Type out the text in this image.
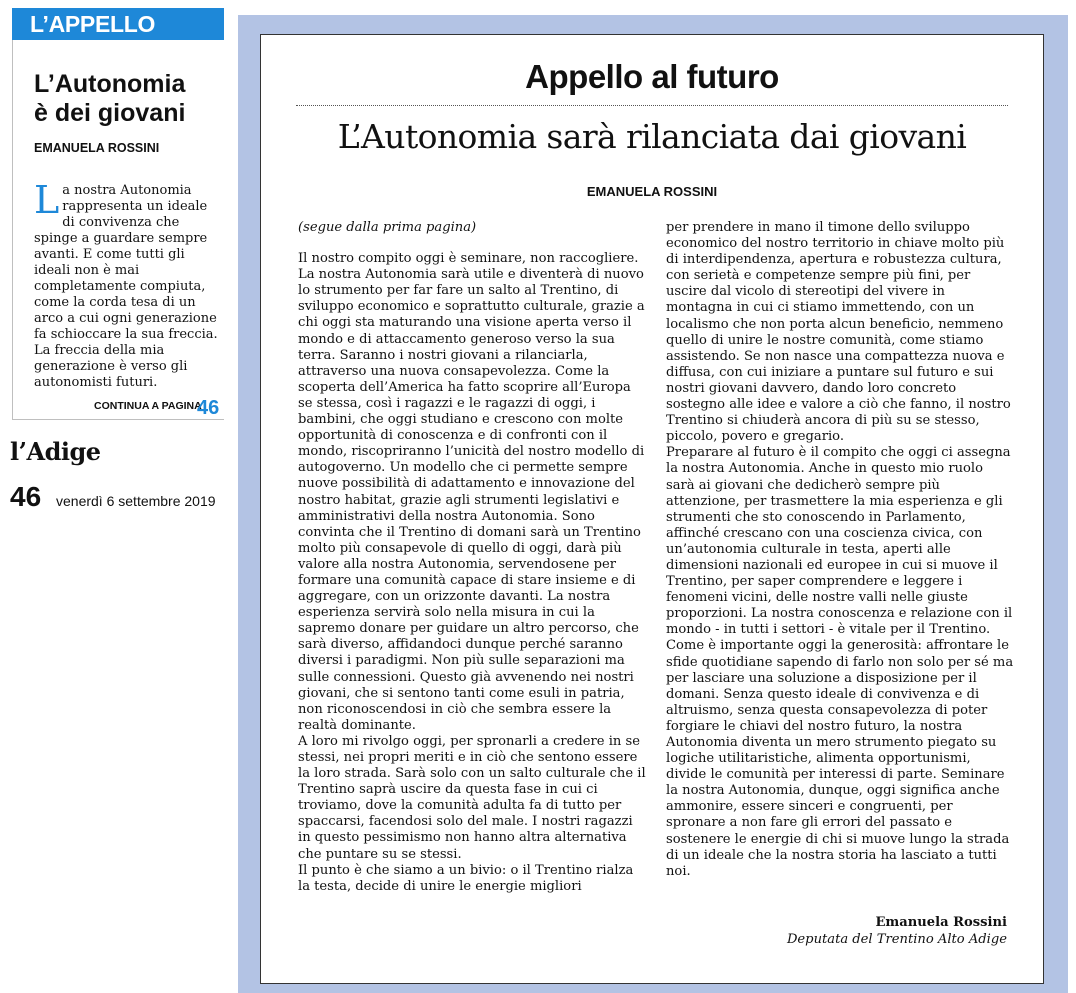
L’APPELLO
L’Autonomia
è dei giovani
EMANUELA ROSSINI
La nostra Autonomia rappresenta un ideale di convivenza che spinge a guardare sempre avanti. E come tutti gli ideali non è mai completamente compiuta, come la corda tesa di un arco a cui ogni generazione fa schioccare la sua freccia. La freccia della mia generazione è verso gli autonomisti futuri.
CONTINUA A PAGINA
46
l’Adige
46 venerdì 6 settembre 2019
Appello al futuro
L’Autonomia sarà rilanciata dai giovani
EMANUELA ROSSINI

(segue dalla prima pagina)

Il nostro compito oggi è seminare, non raccogliere. La nostra Autonomia sarà utile e diventerà di nuovo lo strumento per far fare un salto al Trentino, di sviluppo economico e soprattutto culturale, grazie a chi oggi sta maturando una visione aperta verso il mondo e di attaccamento generoso verso la sua terra. Saranno i nostri giovani a rilanciarla, attraverso una nuova consapevolezza. Come la scoperta dell’America ha fatto scoprire all’Europa se stessa, così i ragazzi e le ragazzi di oggi, i bambini, che oggi studiano e crescono con molte opportunità di conoscenza e di confronti con il mondo, riscopriranno l’unicità del nostro modello di autogoverno. Un modello che ci permette sempre nuove possibilità di adattamento e innovazione del nostro habitat, grazie agli strumenti legislativi e amministrativi della nostra Autonomia. Sono convinta che il Trentino di domani sarà un Trentino molto più consapevole di quello di oggi, darà più valore alla nostra Autonomia, servendosene per formare una comunità capace di stare insieme e di aggregare, con un orizzonte davanti. La nostra esperienza servirà solo nella misura in cui la sapremo donare per guidare un altro percorso, che sarà diverso, affidandoci dunque perché saranno diversi i paradigmi. Non più sulle separazioni ma sulle connessioni. Questo già avvenendo nei nostri giovani, che si sentono tanti come esuli in patria, non riconoscendosi in ciò che sembra essere la realtà dominante.

A loro mi rivolgo oggi, per spronarli a credere in se stessi, nei propri meriti e in ciò che sentono essere la loro strada. Sarà solo con un salto culturale che il Trentino saprà uscire da questa fase in cui ci troviamo, dove la comunità adulta fa di tutto per spaccarsi, facendosi solo del male. I nostri ragazzi in questo pessimismo non hanno altra alternativa che puntare su se stessi.

Il punto è che siamo a un bivio: o il Trentino rialza la testa, decide di unire le energie migliori

per prendere in mano il timone dello sviluppo economico del nostro territorio in chiave molto più di interdipendenza, apertura e robustezza cultura, con serietà e competenze sempre più fini, per uscire dal vicolo di stereotipi del vivere in montagna in cui ci stiamo immettendo, con un localismo che non porta alcun beneficio, nemmeno quello di unire le nostre comunità, come stiamo assistendo. Se non nasce una compattezza nuova e diffusa, con cui iniziare a puntare sul futuro e sui nostri giovani davvero, dando loro concreto sostegno alle idee e valore a ciò che fanno, il nostro Trentino si chiuderà ancora di più su se stesso, piccolo, povero e gregario.

Preparare al futuro è il compito che oggi ci assegna la nostra Autonomia. Anche in questo mio ruolo sarà ai giovani che dedicherò sempre più attenzione, per trasmettere la mia esperienza e gli strumenti che sto conoscendo in Parlamento, affinché crescano con una coscienza civica, con un’autonomia culturale in testa, aperti alle dimensioni nazionali ed europee in cui si muove il Trentino, per saper comprendere e leggere i fenomeni vicini, delle nostre valli nelle giuste proporzioni. La nostra conoscenza e relazione con il mondo - in tutti i settori - è vitale per il Trentino. Come è importante oggi la generosità: affrontare le sfide quotidiane sapendo di farlo non solo per sé ma per lasciare una soluzione a disposizione per il domani. Senza questo ideale di convivenza e di altruismo, senza questa consapevolezza di poter forgiare le chiavi del nostro futuro, la nostra Autonomia diventa un mero strumento piegato su logiche utilitaristiche, alimenta opportunismi, divide le comunità per interessi di parte. Seminare la nostra Autonomia, dunque, oggi significa anche ammonire, essere sinceri e congruenti, per spronare a non fare gli errori del passato e sostenere le energie di chi si muove lungo la strada di un ideale che la nostra storia ha lasciato a tutti noi.

Emanuela Rossini
Deputata del Trentino Alto Adige
